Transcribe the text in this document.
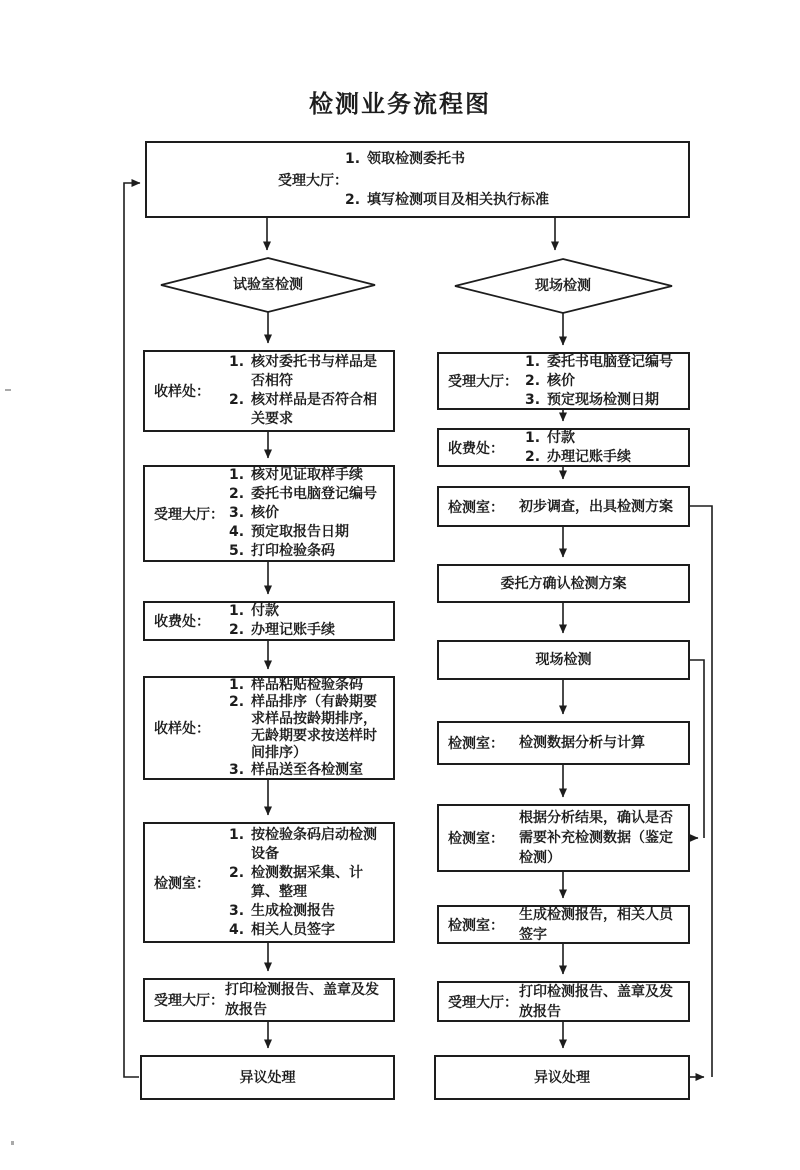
检测业务流程图
受理大厅：
1. 领取检测委托书
2. 填写检测项目及相关执行标准
试验室检测	现场检测
收样处：
1. 核对委托书与样品是否相符
2. 核对样品是否符合相关要求
受理大厅：
1. 核对见证取样手续
2. 委托书电脑登记编号
3. 核价
4. 预定取报告日期
5. 打印检验条码
收费处：
1. 付款
2. 办理记账手续
收样处：
1. 样品粘贴检验条码
2. 样品排序（有龄期要求样品按龄期排序，无龄期要求按送样时间排序）
3. 样品送至各检测室
检测室：
1. 按检验条码启动检测设备
2. 检测数据采集、计算、整理
3. 生成检测报告
4. 相关人员签字
受理大厅：
打印检测报告、盖章及发放报告
异议处理
受理大厅：
1. 委托书电脑登记编号
2. 核价
3. 预定现场检测日期
收费处：
1. 付款
2. 办理记账手续
检测室： 初步调查，出具检测方案
委托方确认检测方案
现场检测
检测室： 检测数据分析与计算
检测室：
根据分析结果，确认是否需要补充检测数据（鉴定检测）
检测室：
生成检测报告，相关人员签字
受理大厅：
打印检测报告、盖章及发放报告
异议处理
